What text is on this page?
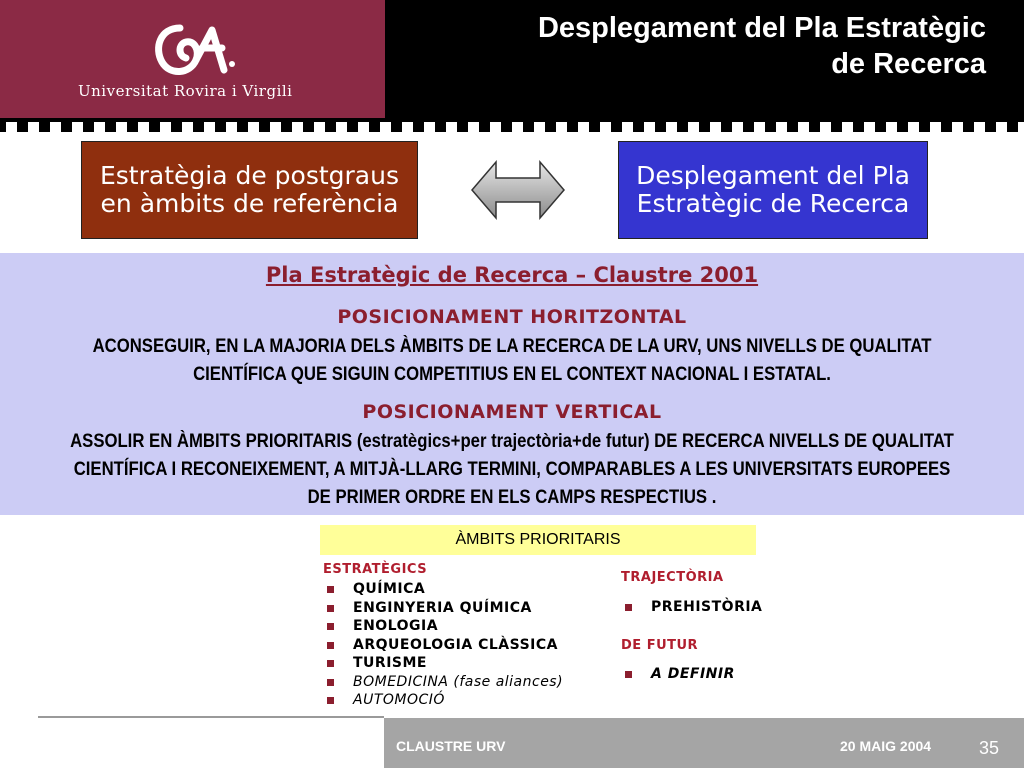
Universitat Rovira i Virgili
Desplegament del Pla Estratègic
de Recerca
Estratègia de postgraus en àmbits de referència
Desplegament del Pla Estratègic de Recerca
Pla Estratègic de Recerca – Claustre 2001
POSICIONAMENT HORITZONTAL
ACONSEGUIR, EN LA MAJORIA DELS ÀMBITS DE LA RECERCA DE LA URV, UNS NIVELLS DE QUALITAT
CIENTÍFICA QUE SIGUIN COMPETITIUS EN EL CONTEXT NACIONAL I ESTATAL.
POSICIONAMENT VERTICAL
ASSOLIR EN ÀMBITS PRIORITARIS (estratègics+per trajectòria+de futur) DE RECERCA NIVELLS DE QUALITAT
CIENTÍFICA I RECONEIXEMENT, A MITJÀ-LLARG TERMINI, COMPARABLES A LES UNIVERSITATS EUROPEES
DE PRIMER ORDRE EN ELS CAMPS RESPECTIUS .
ÀMBITS PRIORITARIS
ESTRATÈGICS
QUÍMICA
ENGINYERIA QUÍMICA
ENOLOGIA
ARQUEOLOGIA CLÀSSICA
TURISME
BOMEDICINA (fase aliances)
AUTOMOCIÓ
TRAJECTÒRIA
PREHISTÒRIA
DE FUTUR
A DEFINIR
CLAUSTRE URV	20 MAIG 2004	35
